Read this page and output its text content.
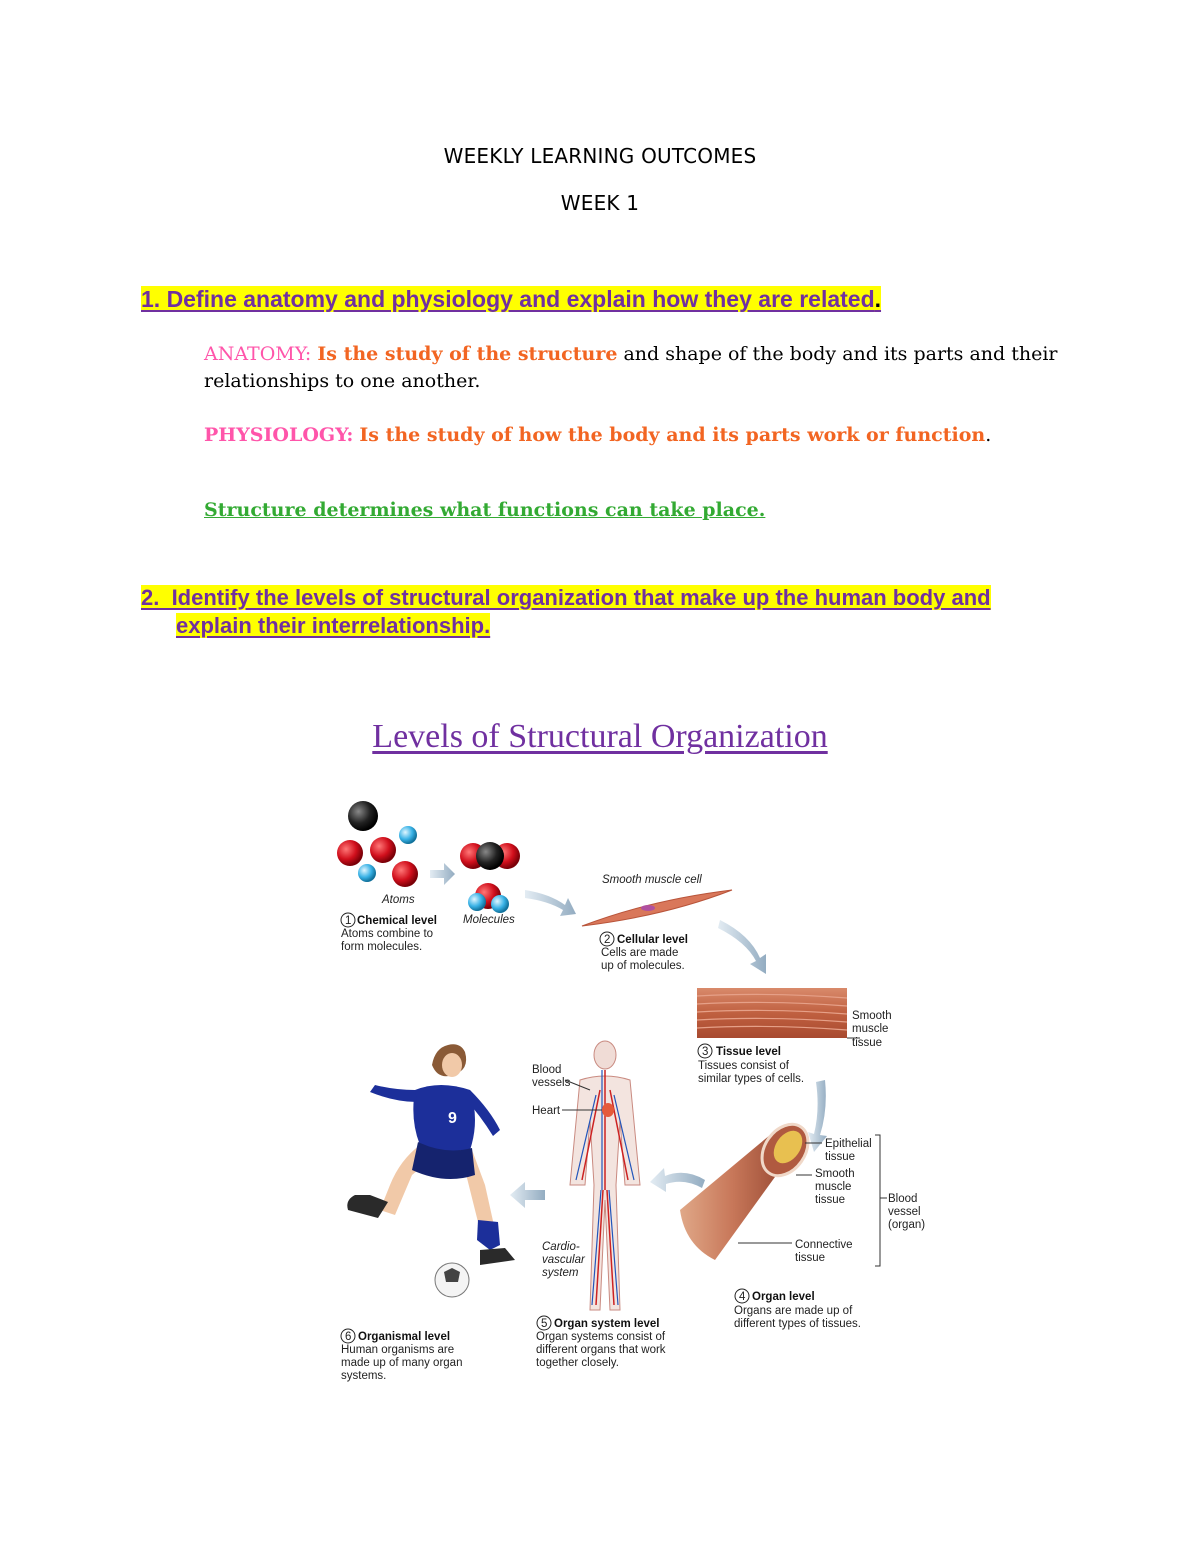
WEEKLY LEARNING OUTCOMES
WEEK 1
1. Define anatomy and physiology and explain how they are related.
ANATOMY: Is the study of the structure and shape of the body and its parts and their
relationships to one another.
PHYSIOLOGY: Is the study of how the body and its parts work or function.
Structure determines what functions can take place.
2.  Identify the levels of structural organization that make up the human body and
explain their interrelationship.
Levels of Structural Organization
Atoms
Molecules
1 Chemical level
Atoms combine to
form molecules.
Smooth muscle cell
2 Cellular level
Cells are made
up of molecules.
Smooth
muscle
tissue
3 Tissue level
Tissues consist of
similar types of cells.
Epithelial
tissue
Smooth
muscle
tissue
Connective
tissue
Blood
vessel
(organ)
4 Organ level
Organs are made up of
different types of tissues.
Blood
vessels
Heart
Cardio-
vascular
system
5 Organ system level
Organ systems consist of
different organs that work
together closely.
9
6 Organismal level
Human organisms are
made up of many organ
systems.
